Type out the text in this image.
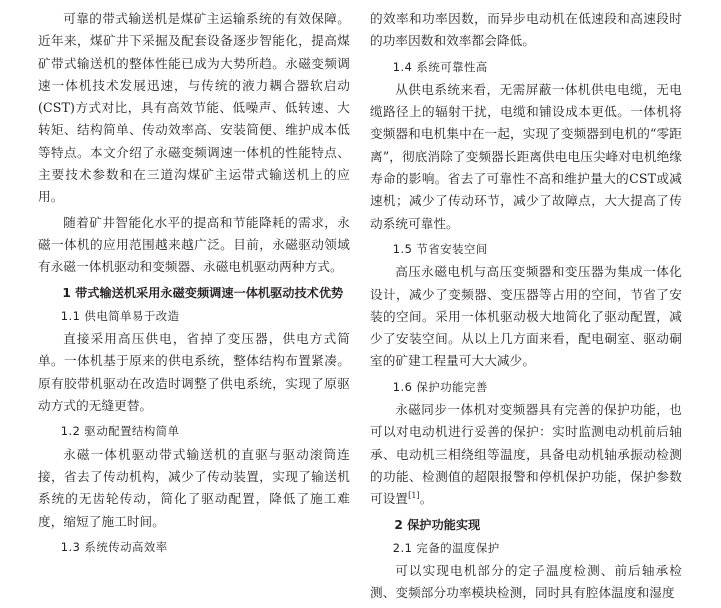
可靠的带式输送机是煤矿主运输系统的有效保障。近年来，煤矿井下采掘及配套设备逐步智能化，提高煤矿带式输送机的整体性能已成为大势所趋。永磁变频调速一体机技术发展迅速，与传统的液力耦合器软启动(CST)方式对比，具有高效节能、低噪声、低转速、大转矩、结构简单、传动效率高、安装简便、维护成本低等特点。本文介绍了永磁变频调速一体机的性能特点、主要技术参数和在三道沟煤矿主运带式输送机上的应用。

随着矿井智能化水平的提高和节能降耗的需求，永磁一体机的应用范围越来越广泛。目前，永磁驱动领域有永磁一体机驱动和变频器、永磁电机驱动两种方式。

1 带式输送机采用永磁变频调速一体机驱动技术优势
1.1 供电简单易于改造

直接采用高压供电，省掉了变压器，供电方式简单。一体机基于原来的供电系统，整体结构布置紧凑。原有胶带机驱动在改造时调整了供电系统，实现了原驱动方式的无缝更替。

1.2 驱动配置结构简单

永磁一体机驱动带式输送机的直驱与驱动滚筒连接，省去了传动机构，减少了传动装置，实现了输送机系统的无齿轮传动，简化了驱动配置，降低了施工难度，缩短了施工时间。

1.3 系统传动高效率

的效率和功率因数，而异步电动机在低速段和高速段时的功率因数和效率都会降低。

1.4 系统可靠性高

从供电系统来看，无需屏蔽一体机供电电缆，无电缆路径上的辐射干扰，电缆和铺设成本更低。一体机将变频器和电机集中在一起，实现了变频器到电机的“零距离”，彻底消除了变频器长距离供电电压尖峰对电机绝缘寿命的影响。省去了可靠性不高和维护量大的CST或减速机；减少了传动环节，减少了故障点，大大提高了传动系统可靠性。

1.5 节省安装空间

高压永磁电机与高压变频器和变压器为集成一体化设计，减少了变频器、变压器等占用的空间，节省了安装的空间。采用一体机驱动极大地简化了驱动配置，减少了安装空间。从以上几方面来看，配电硐室、驱动硐室的矿建工程量可大大减少。

1.6 保护功能完善

永磁同步一体机对变频器具有完善的保护功能，也可以对电动机进行妥善的保护：实时监测电动机前后轴承、电动机三相绕组等温度，具备电动机轴承振动检测的功能、检测值的超限报警和停机保护功能，保护参数可设置[1]。

2 保护功能实现
2.1 完备的温度保护

可以实现电机部分的定子温度检测、前后轴承检测、变频部分功率模块检测，同时具有腔体温度和湿度
